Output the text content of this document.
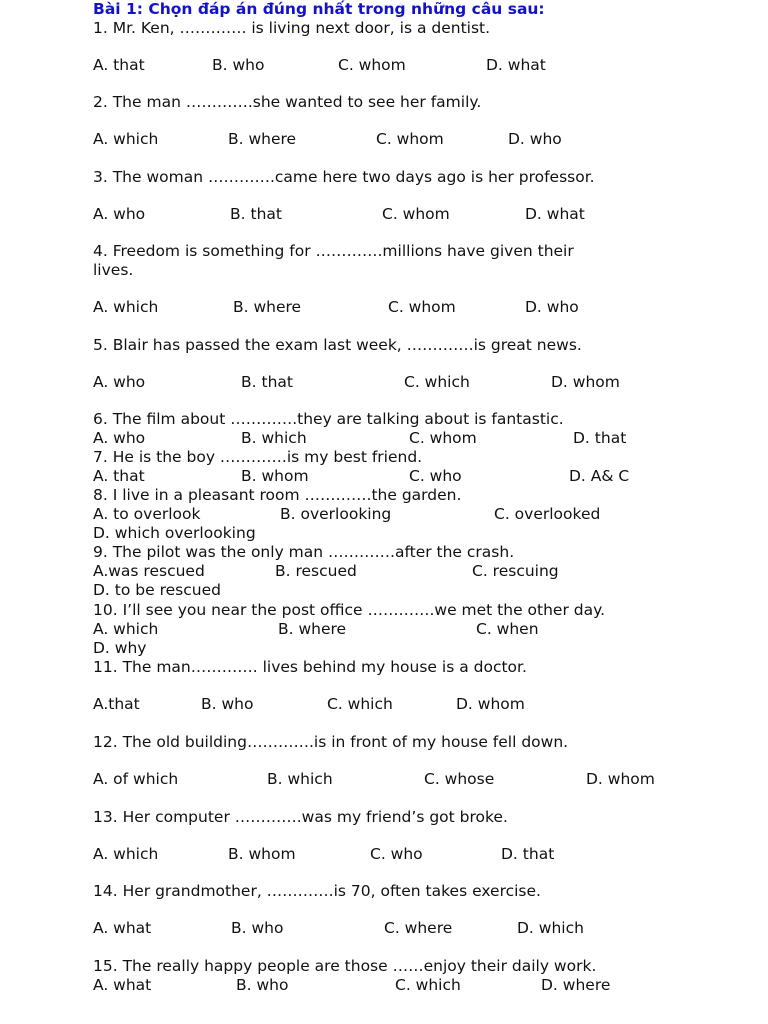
Bài 1: Chọn đáp án đúng nhất trong những câu sau:
1. Mr. Ken, …………. is living next door, is a dentist.
A. that	B. who	C. whom	D. what
2. The man ………….she wanted to see her family.
A. which	B. where	C. whom	D. who
3. The woman ………….came here two days ago is her professor.
A. who	B. that	C. whom	D. what
4. Freedom is something for ………….millions have given their
lives.
A. which	B. where	C. whom	D. who
5. Blair has passed the exam last week, ………….is great news.
A. who	B. that	C. which	D. whom
6. The film about ………….they are talking about is fantastic.
A. who	B. which	C. whom	D. that
7. He is the boy ………….is my best friend.
A. that	B. whom	C. who	D. A& C
8. I live in a pleasant room ………….the garden.
A. to overlook	B. overlooking	C. overlooked
D. which overlooking
9. The pilot was the only man ………….after the crash.
A.was rescued	B. rescued	C. rescuing
D. to be rescued
10. I’ll see you near the post office ………….we met the other day.
A. which	B. where	C. when
D. why
11. The man…………. lives behind my house is a doctor.
A.that	B. who	C. which	D. whom
12. The old building………….is in front of my house fell down.
A. of which	B. which	C. whose	D. whom
13. Her computer ………….was my friend’s got broke.
A. which	B. whom	C. who	D. that
14. Her grandmother, ………….is 70, often takes exercise.
A. what	B. who	C. where	D. which
15. The really happy people are those ……enjoy their daily work.
A. what	B. who	C. which	D. where
